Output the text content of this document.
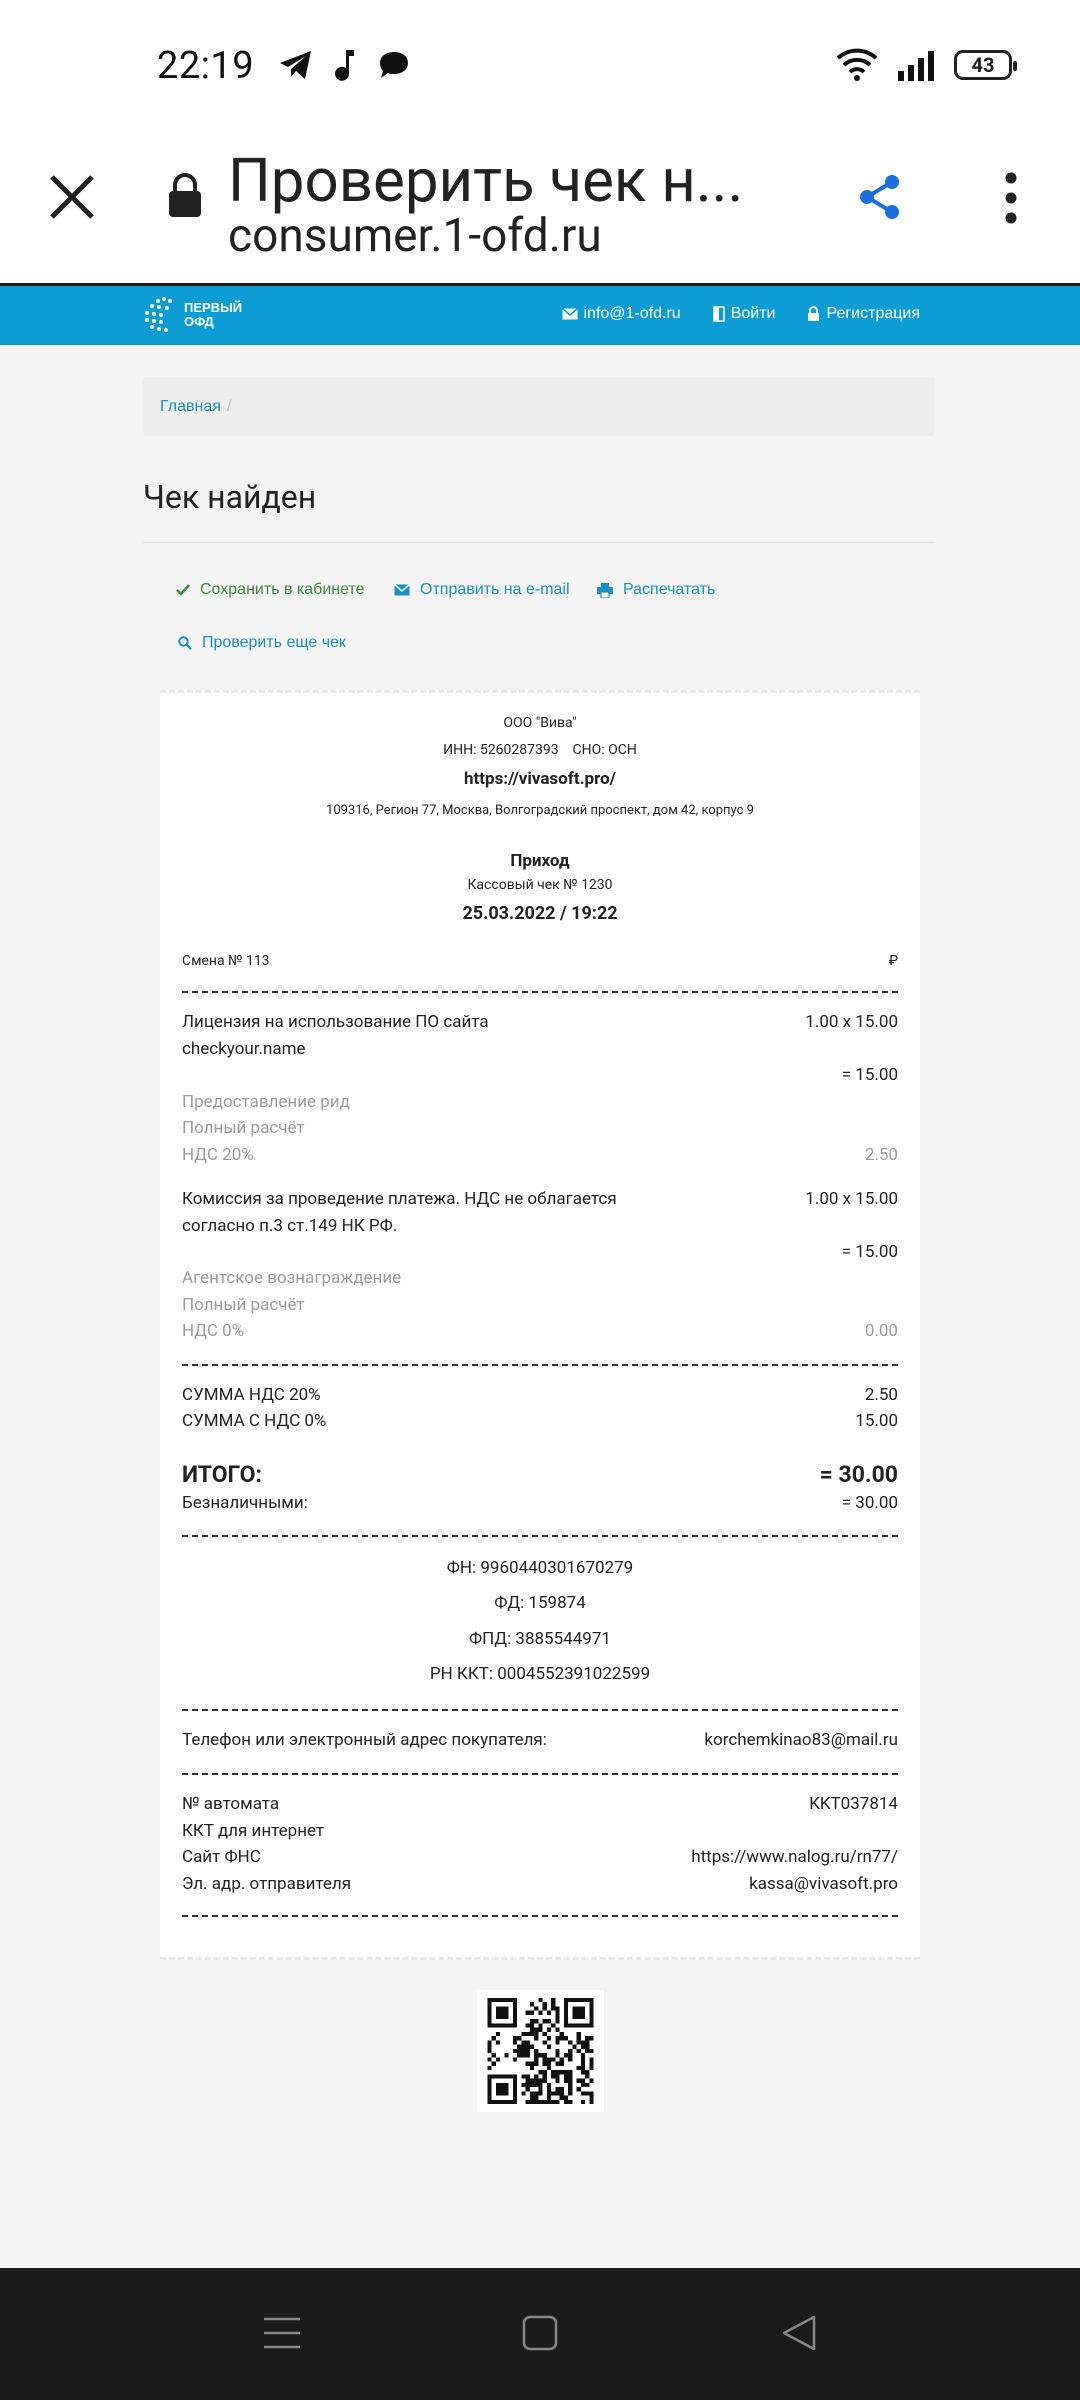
22:19	43
Проверить чек н...
consumer.1-ofd.ru
ПЕРВЫЙ
ОФД	info@1-ofd.ru	Войти	Регистрация
Главная /
Чек найден
Сохранить в кабинете	Отправить на e-mail	Распечатать
Проверить еще чек
ООО "Вива"
ИНН: 5260287393 СНО: ОСН
https://vivasoft.pro/
109316, Регион 77, Москва, Волгоградский проспект, дом 42, корпус 9
Приход
Кассовый чек № 1230
25.03.2022 / 19:22
Смена № 113	₽
Лицензия на использование ПО сайта
checkyour.name
1.00 x 15.00
= 15.00
Предоставление рид
Полный расчёт
НДС 20%	2.50
Комиссия за проведение платежа. НДС не облагается
согласно п.3 ст.149 НК РФ.
1.00 x 15.00
= 15.00
Агентское вознаграждение
Полный расчёт
НДС 0%	0.00
СУММА НДС 20%	2.50
СУММА С НДС 0%	15.00
ИТОГО:	= 30.00
Безналичными:	= 30.00
ФН: 9960440301670279
ФД: 159874
ФПД: 3885544971
РН ККТ: 0004552391022599
Телефон или электронный адрес покупателя:	korchemkinao83@mail.ru
№ автомата	KKT037814
ККТ для интернет
Сайт ФНС	https://www.nalog.ru/rn77/
Эл. адр. отправителя	kassa@vivasoft.pro
